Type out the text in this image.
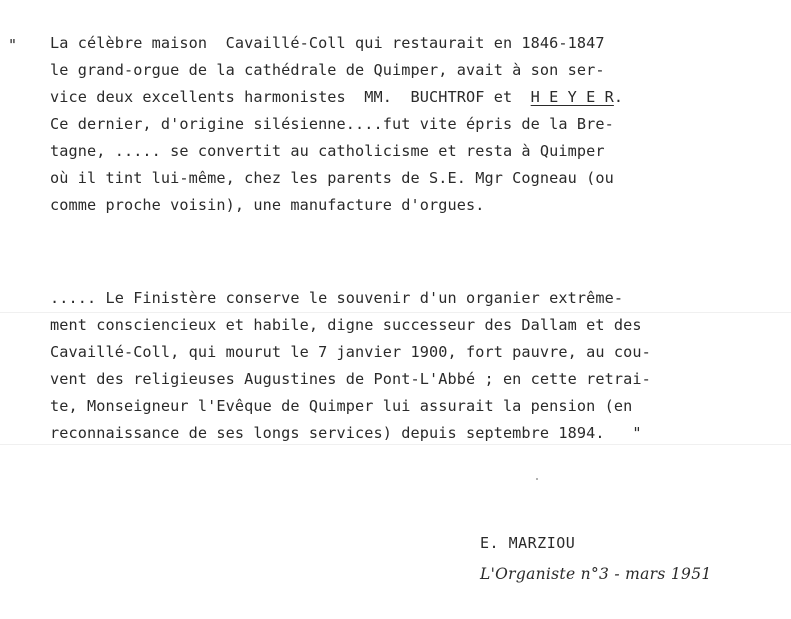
" La célèbre maison  Cavaillé-Coll qui restaurait en 1846-1847
le grand-orgue de la cathédrale de Quimper, avait à son ser-
vice deux excellents harmonistes  MM.  BUCHTROF et  H E Y E R.
Ce dernier, d'origine silésienne....fut vite épris de la Bre-
tagne, ..... se convertit au catholicisme et resta à Quimper
où il tint lui-même, chez les parents de S.E. Mgr Cogneau (ou
comme proche voisin), une manufacture d'orgues.
..... Le Finistère conserve le souvenir d'un organier extrême-
ment consciencieux et habile, digne successeur des Dallam et des
Cavaillé-Coll, qui mourut le 7 janvier 1900, fort pauvre, au cou-
vent des religieuses Augustines de Pont-L'Abbé ; en cette retrai-
te, Monseigneur l'Evêque de Quimper lui assurait la pension (en
reconnaissance de ses longs services) depuis septembre 1894.   "
E. MARZIOU
L'Organiste n°3 - mars 1951
